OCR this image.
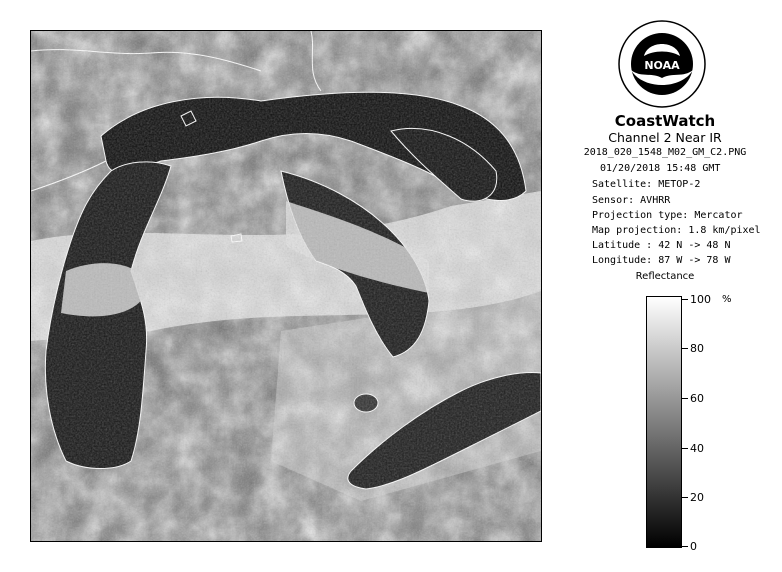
NOAA
CoastWatch
Channel 2 Near IR
2018_020_1548_M02_GM_C2.PNG
01/20/2018 15:48 GMT
Satellite: METOP-2
Sensor: AVHRR
Projection type: Mercator
Map projection: 1.8 km/pixel
Latitude : 42 N -> 48 N
Longitude: 87 W -> 78 W
Reflectance
%
100
80
60
40
20
0
